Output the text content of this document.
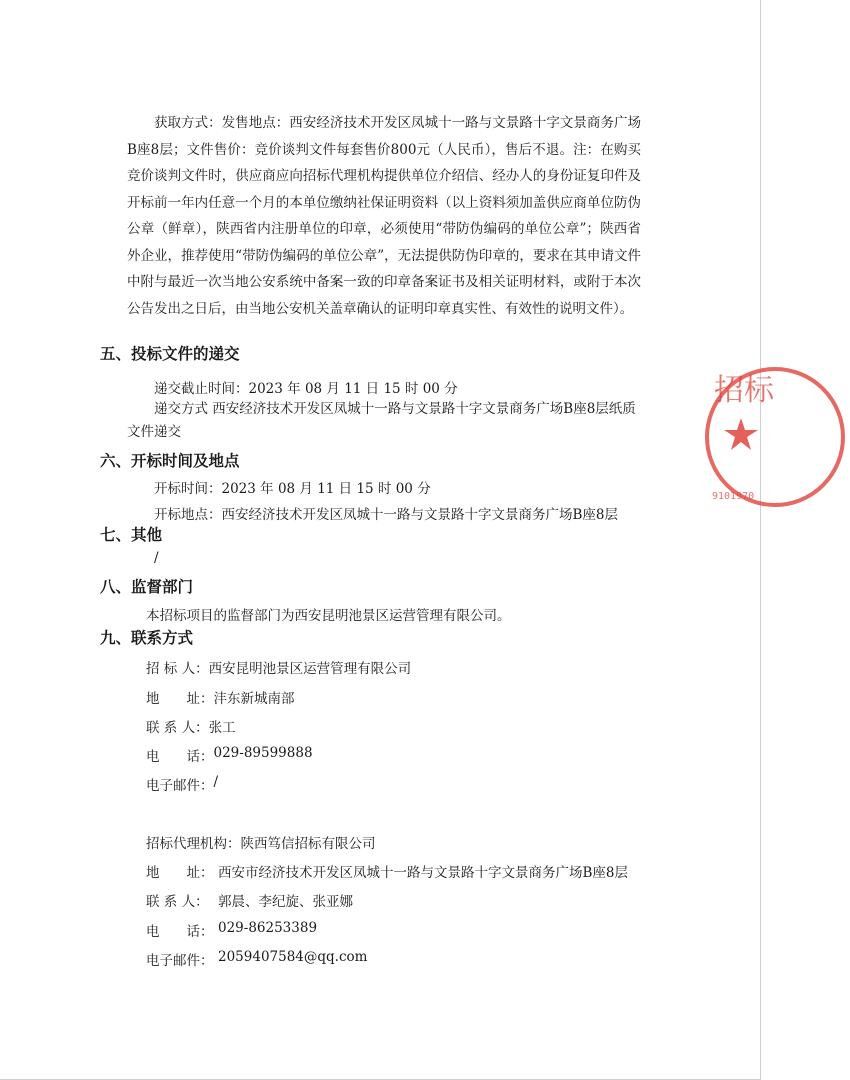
获取方式：发售地点：西安经济技术开发区凤城十一路与文景路十字文景商务广场B座8层；文件售价：竞价谈判文件每套售价800元（人民币），售后不退。注：在购买竞价谈判文件时，供应商应向招标代理机构提供单位介绍信、经办人的身份证复印件及开标前一年内任意一个月的本单位缴纳社保证明资料（以上资料须加盖供应商单位防伪公章（鲜章），陕西省内注册单位的印章，必须使用“带防伪编码的单位公章”；陕西省外企业，推荐使用“带防伪编码的单位公章”，无法提供防伪印章的，要求在其申请文件中附与最近一次当地公安系统中备案一致的印章备案证书及相关证明材料，或附于本次公告发出之日后，由当地公安机关盖章确认的证明印章真实性、有效性的说明文件）。

五、投标文件的递交

递交截止时间：2023 年 08 月 11 日 15 时 00 分

递交方式 西安经济技术开发区凤城十一路与文景路十字文景商务广场B座8层纸质文件递交

六、开标时间及地点

开标时间：2023 年 08 月 11 日 15 时 00 分

开标地点：西安经济技术开发区凤城十一路与文景路十字文景商务广场B座8层

七、其他

/

八、监督部门

本招标项目的监督部门为西安昆明池景区运营管理有限公司。

九、联系方式

招 标 人： 西安昆明池景区运营管理有限公司
地　　址： 沣东新城南部
联 系 人： 张工
电　　话： 029-89599888
电子邮件： /
招标代理机构： 陕西笃信招标有限公司
地　　址： 西安市经济技术开发区凤城十一路与文景路十字文景商务广场B座8层
联 系 人： 郭晨、李纪旋、张亚娜
电　　话： 029-86253389
电子邮件： 2059407584@qq.com
招标
9101970
